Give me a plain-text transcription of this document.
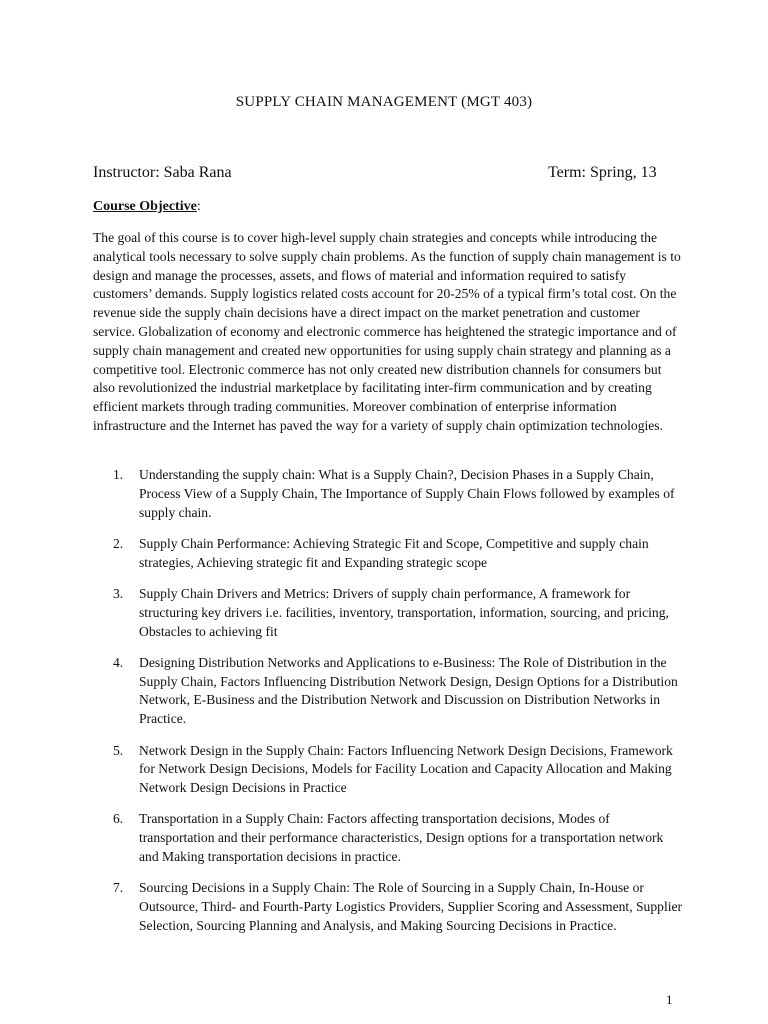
SUPPLY CHAIN MANAGEMENT (MGT 403)
Instructor: Saba Rana	Term: Spring, 13
Course Objective:

The goal of this course is to cover high-level supply chain strategies and concepts while introducing the analytical tools necessary to solve supply chain problems. As the function of supply chain management is to design and manage the processes, assets, and flows of material and information required to satisfy customers’ demands. Supply logistics related costs account for 20-25% of a typical firm’s total cost. On the revenue side the supply chain decisions have a direct impact on the market penetration and customer service. Globalization of economy and electronic commerce has heightened the strategic importance and of supply chain management and created new opportunities for using supply chain strategy and planning as a competitive tool. Electronic commerce has not only created new distribution channels for consumers but also revolutionized the industrial marketplace by facilitating inter-firm communication and by creating efficient markets through trading communities. Moreover combination of enterprise information infrastructure and the Internet has paved the way for a variety of supply chain optimization technologies.

1. Understanding the supply chain: What is a Supply Chain?, Decision Phases in a Supply Chain, Process View of a Supply Chain, The Importance of Supply Chain Flows followed by examples of supply chain.
2. Supply Chain Performance: Achieving Strategic Fit and Scope, Competitive and supply chain strategies, Achieving strategic fit and Expanding strategic scope
3. Supply Chain Drivers and Metrics: Drivers of supply chain performance, A framework for structuring key drivers i.e. facilities, inventory, transportation, information, sourcing, and pricing, Obstacles to achieving fit
4. Designing Distribution Networks and Applications to e-Business: The Role of Distribution in the Supply Chain, Factors Influencing Distribution Network Design, Design Options for a Distribution Network, E-Business and the Distribution Network and Discussion on Distribution Networks in Practice.
5. Network Design in the Supply Chain: Factors Influencing Network Design Decisions, Framework for Network Design Decisions, Models for Facility Location and Capacity Allocation and Making Network Design Decisions in Practice
6. Transportation in a Supply Chain: Factors affecting transportation decisions, Modes of transportation and their performance characteristics, Design options for a transportation network and Making transportation decisions in practice.
7. Sourcing Decisions in a Supply Chain: The Role of Sourcing in a Supply Chain, In-House or Outsource, Third- and Fourth-Party Logistics Providers, Supplier Scoring and Assessment, Supplier Selection, Sourcing Planning and Analysis, and Making Sourcing Decisions in Practice.
1
